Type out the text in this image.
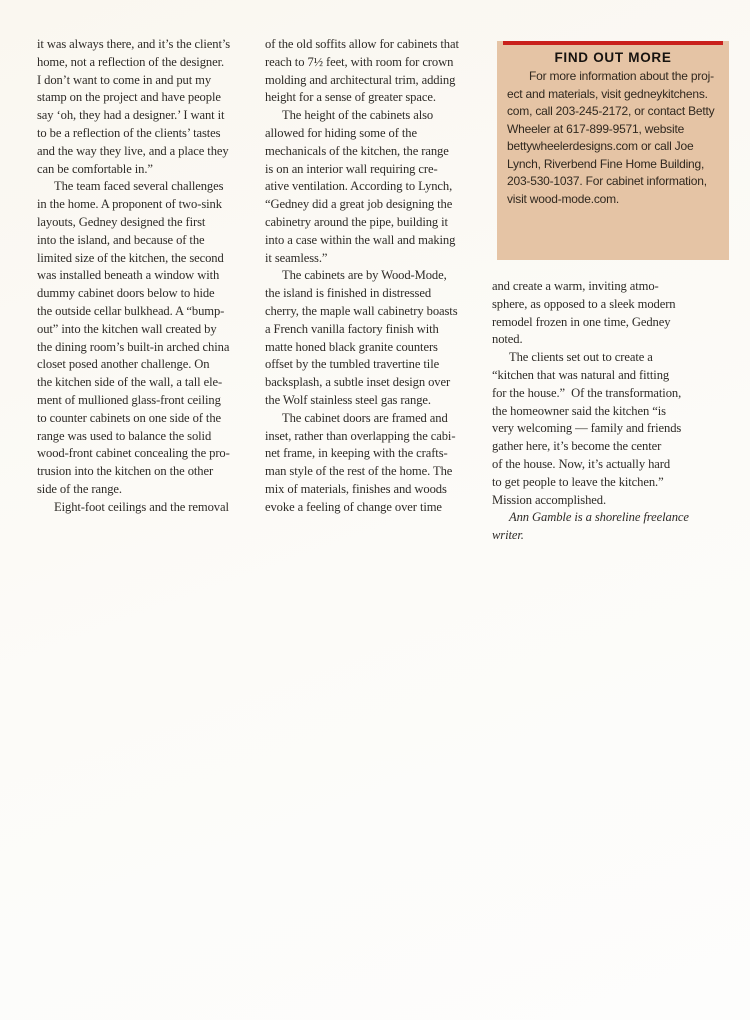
it was always there, and it’s the client’s
home, not a reflection of the designer.
I don’t want to come in and put my
stamp on the project and have people
say ‘oh, they had a designer.’ I want it
to be a reflection of the clients’ tastes
and the way they live, and a place they
can be comfortable in.”
The team faced several challenges
in the home. A proponent of two-sink
layouts, Gedney designed the first
into the island, and because of the
limited size of the kitchen, the second
was installed beneath a window with
dummy cabinet doors below to hide
the outside cellar bulkhead. A “bump-
out” into the kitchen wall created by
the dining room’s built-in arched china
closet posed another challenge. On
the kitchen side of the wall, a tall ele-
ment of mullioned glass-front ceiling
to counter cabinets on one side of the
range was used to balance the solid
wood-front cabinet concealing the pro-
trusion into the kitchen on the other
side of the range.
Eight-foot ceilings and the removal
of the old soffits allow for cabinets that
reach to 7½ feet, with room for crown
molding and architectural trim, adding
height for a sense of greater space.
The height of the cabinets also
allowed for hiding some of the
mechanicals of the kitchen, the range
is on an interior wall requiring cre-
ative ventilation. According to Lynch,
“Gedney did a great job designing the
cabinetry around the pipe, building it
into a case within the wall and making
it seamless.”
The cabinets are by Wood-Mode,
the island is finished in distressed
cherry, the maple wall cabinetry boasts
a French vanilla factory finish with
matte honed black granite counters
offset by the tumbled travertine tile
backsplash, a subtle inset design over
the Wolf stainless steel gas range.
The cabinet doors are framed and
inset, rather than overlapping the cabi-
net frame, in keeping with the crafts-
man style of the rest of the home. The
mix of materials, finishes and woods
evoke a feeling of change over time
FIND OUT MORE
For more information about the proj-
ect and materials, visit gedneykitchens.
com, call 203-245-2172, or contact Betty
Wheeler at 617-899-9571, website
bettywheelerdesigns.com or call Joe
Lynch, Riverbend Fine Home Building,
203-530-1037. For cabinet information,
visit wood-mode.com.
and create a warm, inviting atmo-
sphere, as opposed to a sleek modern
remodel frozen in one time, Gedney
noted.
The clients set out to create a
“kitchen that was natural and fitting
for the house.”  Of the transformation,
the homeowner said the kitchen “is
very welcoming — family and friends
gather here, it’s become the center
of the house. Now, it’s actually hard
to get people to leave the kitchen.”
Mission accomplished.
Ann Gamble is a shoreline freelance
writer.
